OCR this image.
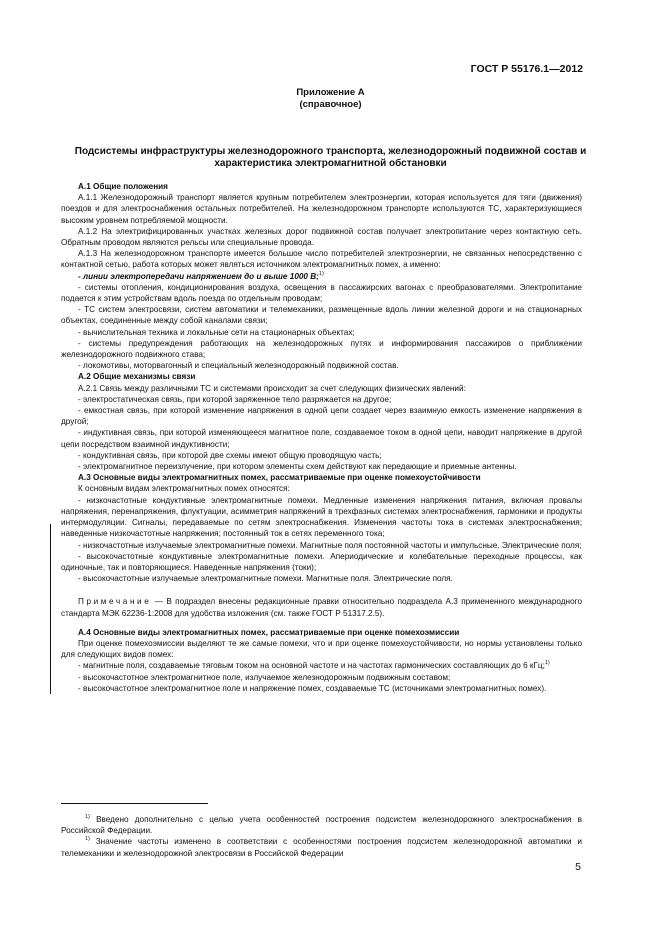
ГОСТ Р 55176.1—2012
Приложение А
(справочное)
Подсистемы инфраструктуры железнодорожного транспорта, железнодорожный подвижной состав и характеристика электромагнитной обстановки

А.1 Общие положения

А.1.1 Железнодорожный транспорт является крупным потребителем электроэнергии, которая используется для тяги (движения) поездов и для электроснабжения остальных потребителей. На железнодорожном транспорте используются ТС, характеризующиеся высоким уровнем потребляемой мощности.

А.1.2 На электрифицированных участках железных дорог подвижной состав получает электропитание через контактную сеть. Обратным проводом являются рельсы или специальные провода.

А.1.3 На железнодорожном транспорте имеется большое число потребителей электроэнергии, не связанных непосредственно с контактной сетью, работа которых может являться источником электромагнитных помех, а именно:

- линии электропередачи напряжением до и выше 1000 В;$^{1)}$

- системы отопления, кондиционирования воздуха, освещения в пассажирских вагонах с преобразователями. Электропитание подается к этим устройствам вдоль поезда по отдельным проводам;

- ТС систем электросвязи, систем автоматики и телемеханики, размещенные вдоль линии железной дороги и на стационарных объектах, соединенные между собой каналами связи;

- вычислительная техника и локальные сети на стационарных объектах;

- системы предупреждения работающих на железнодорожных путях и информирования пассажиров о приближении железнодорожного подвижного става;

- локомотивы, моторвагонный и специальный железнодорожный подвижной состав.

А.2 Общие механизмы связи

А.2.1 Связь между различными ТС и системами происходит за счет следующих физических явлений:

- электростатическая связь, при которой заряженное тело разряжается на другое;

- емкостная связь, при которой изменение напряжения в одной цепи создает через взаимную емкость изменение напряжения в другой;

- индуктивная связь, при которой изменяющееся магнитное поле, создаваемое током в одной цепи, наводит напряжение в другой цепи посредством взаимной индуктивности;

- кондуктивная связь, при которой две схемы имеют общую проводящую часть;

- электромагнитное переизлучение, при котором элементы схем действуют как передающие и приемные антенны.

А.3 Основные виды электромагнитных помех, рассматриваемые при оценке помехоустойчивости

К основным видам электромагнитных помех относятся:

- низкочастотные кондуктивные электромагнитные помехи. Медленные изменения напряжения питания, включая провалы напряжения, перенапряжения, флуктуации, асимметрия напряжений в трехфазных системах электроснабжения, гармоники и продукты интермодуляции. Сигналы, передаваемые по сетям электроснабжения. Изменения частоты тока в системах электроснабжения; наведенные низкочастотные напряжения; постоянный ток в сетях переменного тока;

- низкочастотные излучаемые электромагнитные помехи. Магнитные поля постоянной частоты и импульсные. Электрические поля;

- высокочастотные кондуктивные электромагнитные помехи. Апериодические и колебательные переходные процессы, как одиночные, так и повторяющиеся. Наведенные напряжения (токи);

- высокочастотные излучаемые электромагнитные помехи. Магнитные поля. Электрические поля.

Примечание — В подраздел внесены редакционные правки относительно подраздела А.3 примененного международного стандарта МЭК 62236-1:2008 для удобства изложения (см. также ГОСТ Р 51317.2.5).

А.4 Основные виды электромагнитных помех, рассматриваемые при оценке помехоэмиссии

При оценке помехоэмиссии выделяют те же самые помехи, что и при оценке помехоустойчивости, но нормы установлены только для следующих видов помех:

- магнитные поля, создаваемые тяговым током на основной частоте и на частотах гармонических составляющих до 6 кГц;$^{1)}$

- высокочастотное электромагнитное поле, излучаемое железнодорожным подвижным составом;

- высокочастотное электромагнитное поле и напряжение помех, создаваемые ТС (источниками электромагнитных помех).

$^{1)}$ Введено дополнительно с целью учета особенностей построения подсистем железнодорожного электроснабжения в Российской Федерации.

$^{1)}$ Значение частоты изменено в соответствии с особенностями построения подсистем железнодорожной автоматики и телемеханики и железнодорожной электросвязи в Российской Федерации

5
